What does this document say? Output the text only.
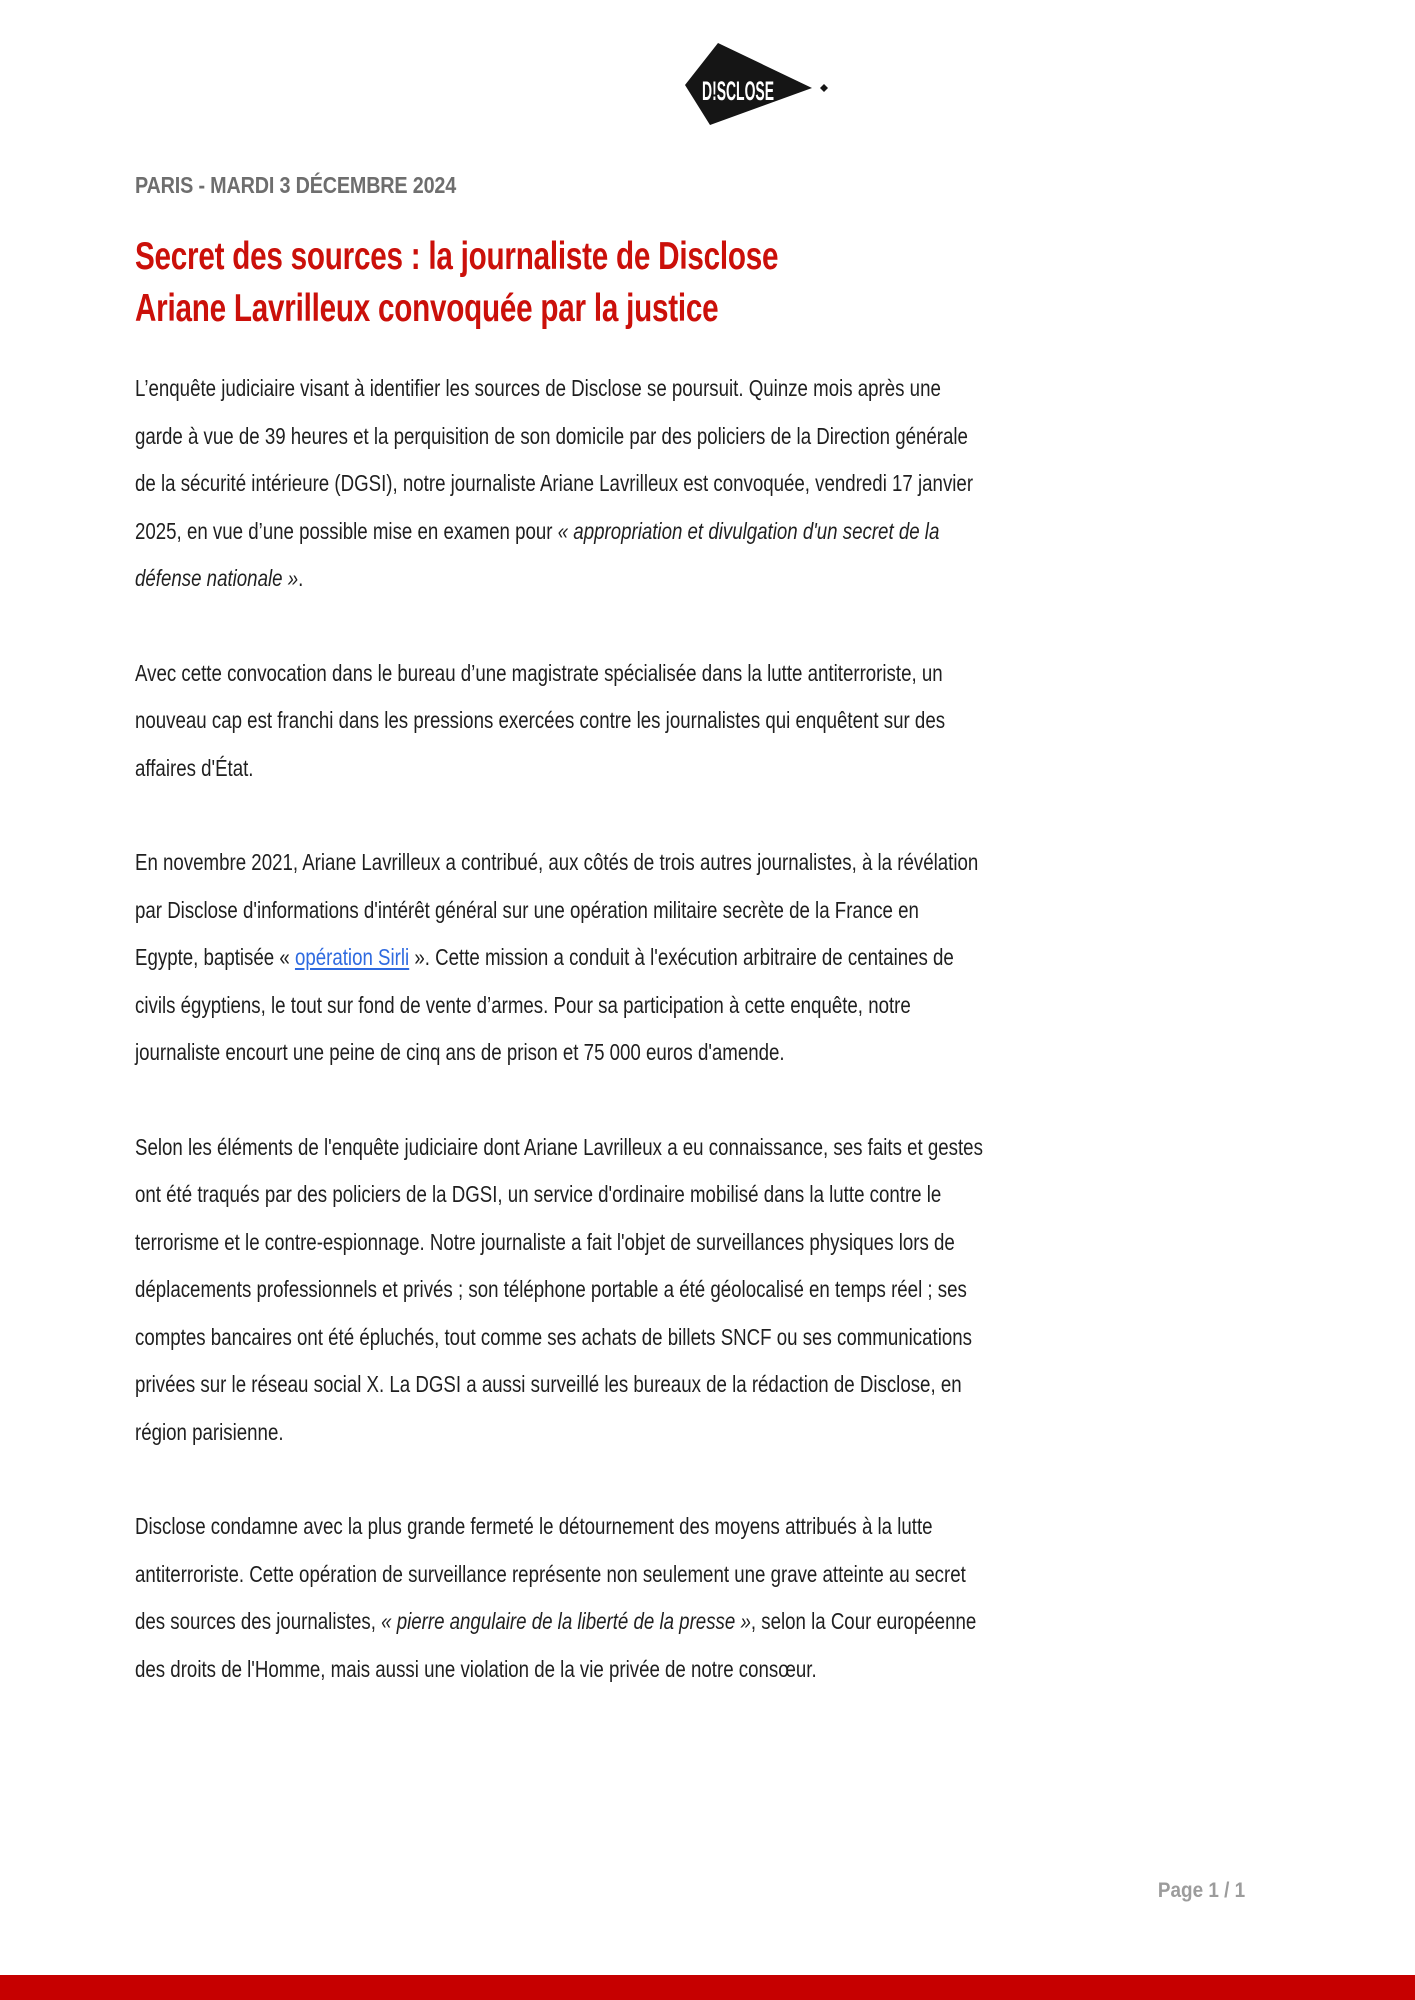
D!SCLOSE
PARIS - MARDI 3 DÉCEMBRE 2024
Secret des sources : la journaliste de Disclose
Ariane Lavrilleux convoquée par la justice

L’enquête judiciaire visant à identifier les sources de Disclose se poursuit. Quinze mois après une garde à vue de 39 heures et la perquisition de son domicile par des policiers de la Direction générale de la sécurité intérieure (DGSI), notre journaliste Ariane Lavrilleux est convoquée, vendredi 17 janvier 2025, en vue d’une possible mise en examen pour « appropriation et divulgation d'un secret de la défense nationale ».

Avec cette convocation dans le bureau d’une magistrate spécialisée dans la lutte antiterroriste, un nouveau cap est franchi dans les pressions exercées contre les journalistes qui enquêtent sur des affaires d'État.

En novembre 2021, Ariane Lavrilleux a contribué, aux côtés de trois autres journalistes, à la révélation par Disclose d'informations d'intérêt général sur une opération militaire secrète de la France en Egypte, baptisée « opération Sirli ». Cette mission a conduit à l'exécution arbitraire de centaines de civils égyptiens, le tout sur fond de vente d’armes. Pour sa participation à cette enquête, notre journaliste encourt une peine de cinq ans de prison et 75 000 euros d'amende.

Selon les éléments de l'enquête judiciaire dont Ariane Lavrilleux a eu connaissance, ses faits et gestes ont été traqués par des policiers de la DGSI, un service d'ordinaire mobilisé dans la lutte contre le terrorisme et le contre-espionnage. Notre journaliste a fait l'objet de surveillances physiques lors de déplacements professionnels et privés ; son téléphone portable a été géolocalisé en temps réel ; ses comptes bancaires ont été épluchés, tout comme ses achats de billets SNCF ou ses communications privées sur le réseau social X. La DGSI a aussi surveillé les bureaux de la rédaction de Disclose, en région parisienne.

Disclose condamne avec la plus grande fermeté le détournement des moyens attribués à la lutte antiterroriste. Cette opération de surveillance représente non seulement une grave atteinte au secret des sources des journalistes, « pierre angulaire de la liberté de la presse », selon la Cour européenne des droits de l'Homme, mais aussi une violation de la vie privée de notre consœur.

Page 1 / 1
